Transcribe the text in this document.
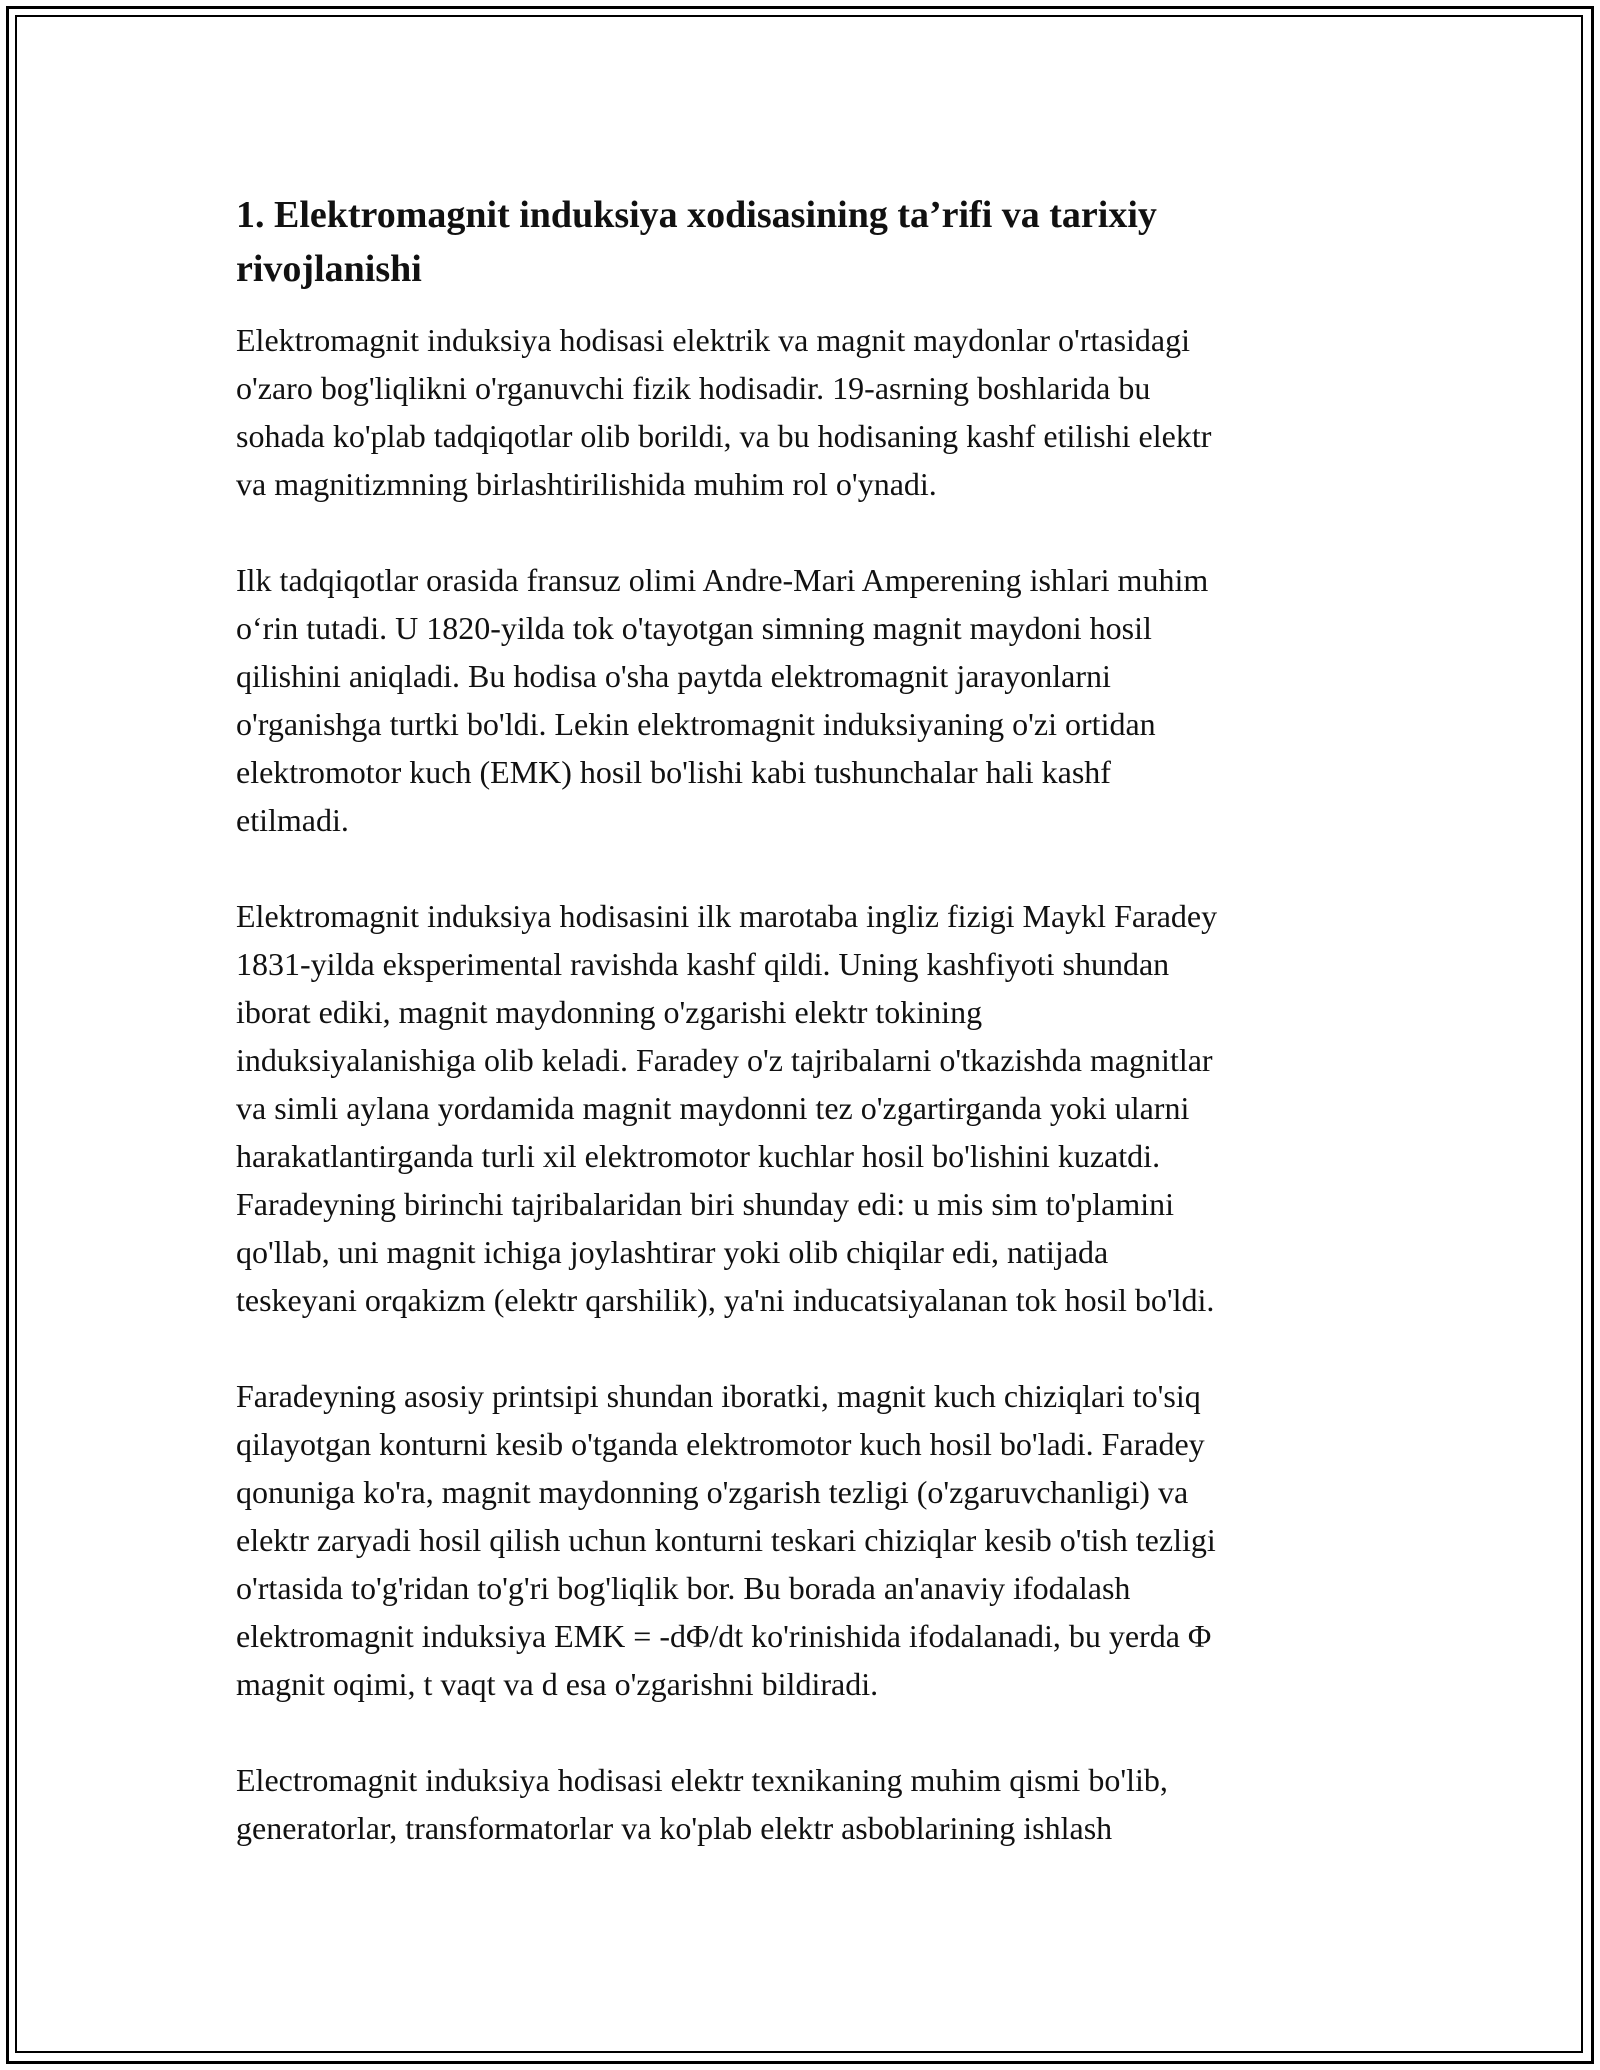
1. Elektromagnit induksiya xodisasining ta’rifi va tarixiy
rivojlanishi
Elektromagnit induksiya hodisasi elektrik va magnit maydonlar o'rtasidagi
o'zaro bog'liqlikni o'rganuvchi fizik hodisadir. 19-asrning boshlarida bu
sohada ko'plab tadqiqotlar olib borildi, va bu hodisaning kashf etilishi elektr
va magnitizmning birlashtirilishida muhim rol o'ynadi.
Ilk tadqiqotlar orasida fransuz olimi Andre-Mari Amperening ishlari muhim
o‘rin tutadi. U 1820-yilda tok o'tayotgan simning magnit maydoni hosil
qilishini aniqladi. Bu hodisa o'sha paytda elektromagnit jarayonlarni
o'rganishga turtki bo'ldi. Lekin elektromagnit induksiyaning o'zi ortidan
elektromotor kuch (EMK) hosil bo'lishi kabi tushunchalar hali kashf
etilmadi.
Elektromagnit induksiya hodisasini ilk marotaba ingliz fizigi Maykl Faradey
1831-yilda eksperimental ravishda kashf qildi. Uning kashfiyoti shundan
iborat ediki, magnit maydonning o'zgarishi elektr tokining
induksiyalanishiga olib keladi. Faradey o'z tajribalarni o'tkazishda magnitlar
va simli aylana yordamida magnit maydonni tez o'zgartirganda yoki ularni
harakatlantirganda turli xil elektromotor kuchlar hosil bo'lishini kuzatdi.
Faradeyning birinchi tajribalaridan biri shunday edi: u mis sim to'plamini
qo'llab, uni magnit ichiga joylashtirar yoki olib chiqilar edi, natijada
teskeyani orqakizm (elektr qarshilik), ya'ni inducatsiyalanan tok hosil bo'ldi.
Faradeyning asosiy printsipi shundan iboratki, magnit kuch chiziqlari to'siq
qilayotgan konturni kesib o'tganda elektromotor kuch hosil bo'ladi. Faradey
qonuniga ko'ra, magnit maydonning o'zgarish tezligi (o'zgaruvchanligi) va
elektr zaryadi hosil qilish uchun konturni teskari chiziqlar kesib o'tish tezligi
o'rtasida to'g'ridan to'g'ri bog'liqlik bor. Bu borada an'anaviy ifodalash
elektromagnit induksiya EMK = -dΦ/dt ko'rinishida ifodalanadi, bu yerda Φ
magnit oqimi, t vaqt va d esa o'zgarishni bildiradi.
Electromagnit induksiya hodisasi elektr texnikaning muhim qismi bo'lib,
generatorlar, transformatorlar va ko'plab elektr asboblarining ishlash
